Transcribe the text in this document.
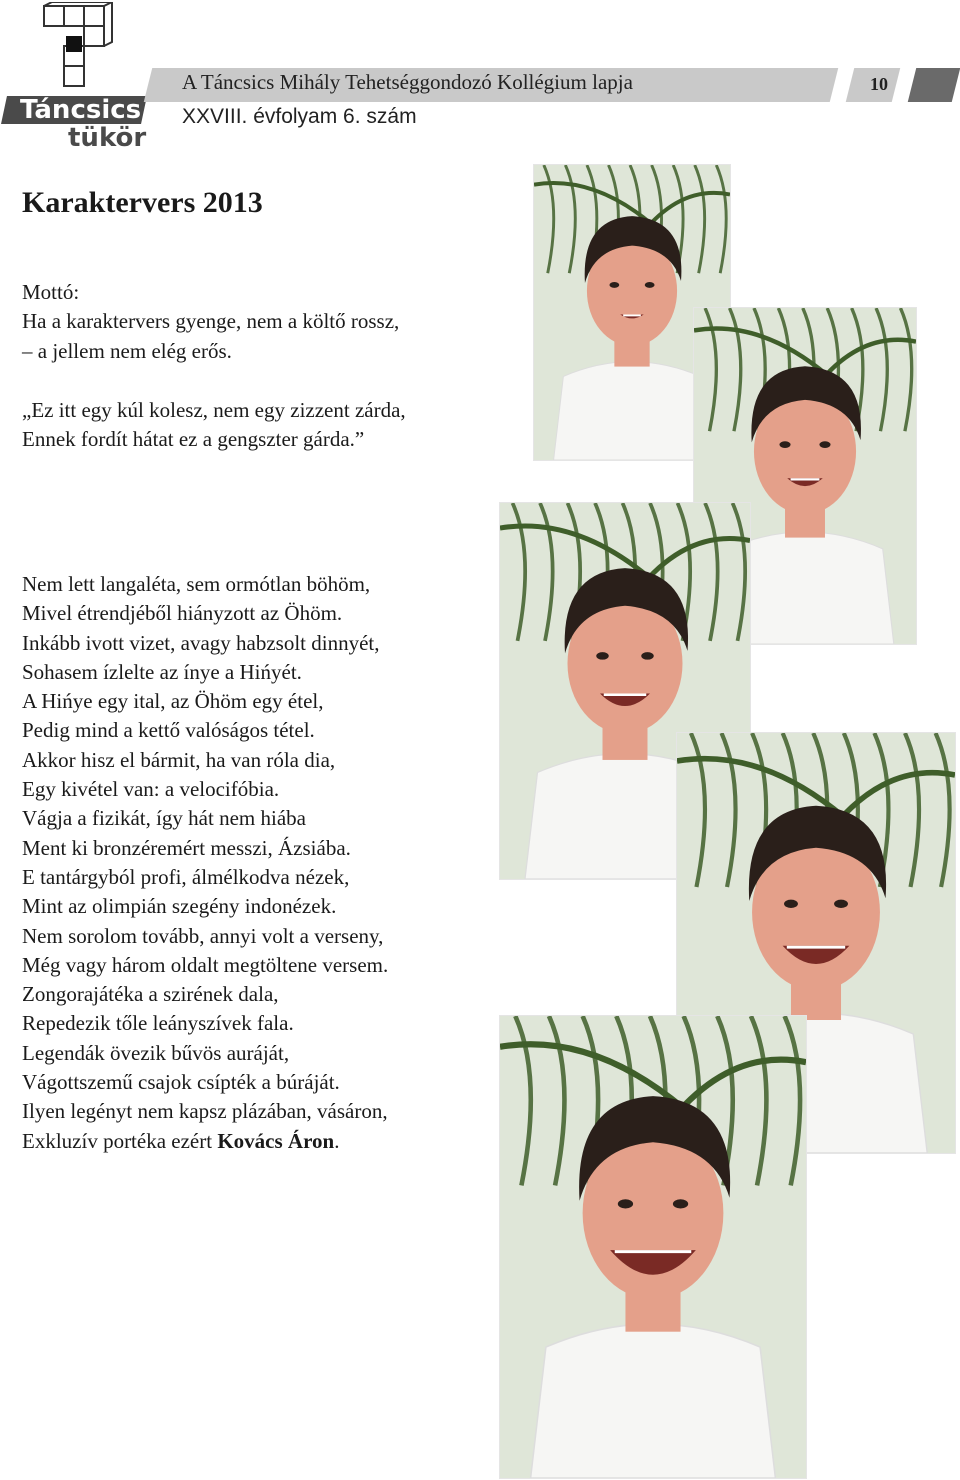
Táncsics
tükör
A Táncsics Mihály Tehetséggondozó Kollégium lapja	10
XXVIII. évfolyam 6. szám
Karaktervers 2013
Mottó:
Ha a karaktervers gyenge, nem a költő rossz,
– a jellem nem elég erős.
„Ez itt egy kúl kolesz, nem egy zizzent zárda,
Ennek fordít hátat ez a gengszter gárda.”
Nem lett langaléta, sem ormótlan böhöm,
Mivel étrendjéből hiányzott az Öhöm.
Inkább ivott vizet, avagy habzsolt dinnyét,
Sohasem ízlelte az ínye a Hińyét.
A Hińye egy ital, az Öhöm egy étel,
Pedig mind a kettő valóságos tétel.
Akkor hisz el bármit, ha van róla dia,
Egy kivétel van: a velocifóbia.
Vágja a fizikát, így hát nem hiába
Ment ki bronzéremért messzi, Ázsiába.
E tantárgyból profi, álmélkodva nézek,
Mint az olimpián szegény indonézek.
Nem sorolom tovább, annyi volt a verseny,
Még vagy három oldalt megtöltene versem.
Zongorajátéka a szirének dala,
Repedezik tőle leányszívek fala.
Legendák övezik bűvös auráját,
Vágottszemű csajok csípték a búráját.
Ilyen legényt nem kapsz plázában, vásáron,
Exkluzív portéka ezért Kovács Áron.
